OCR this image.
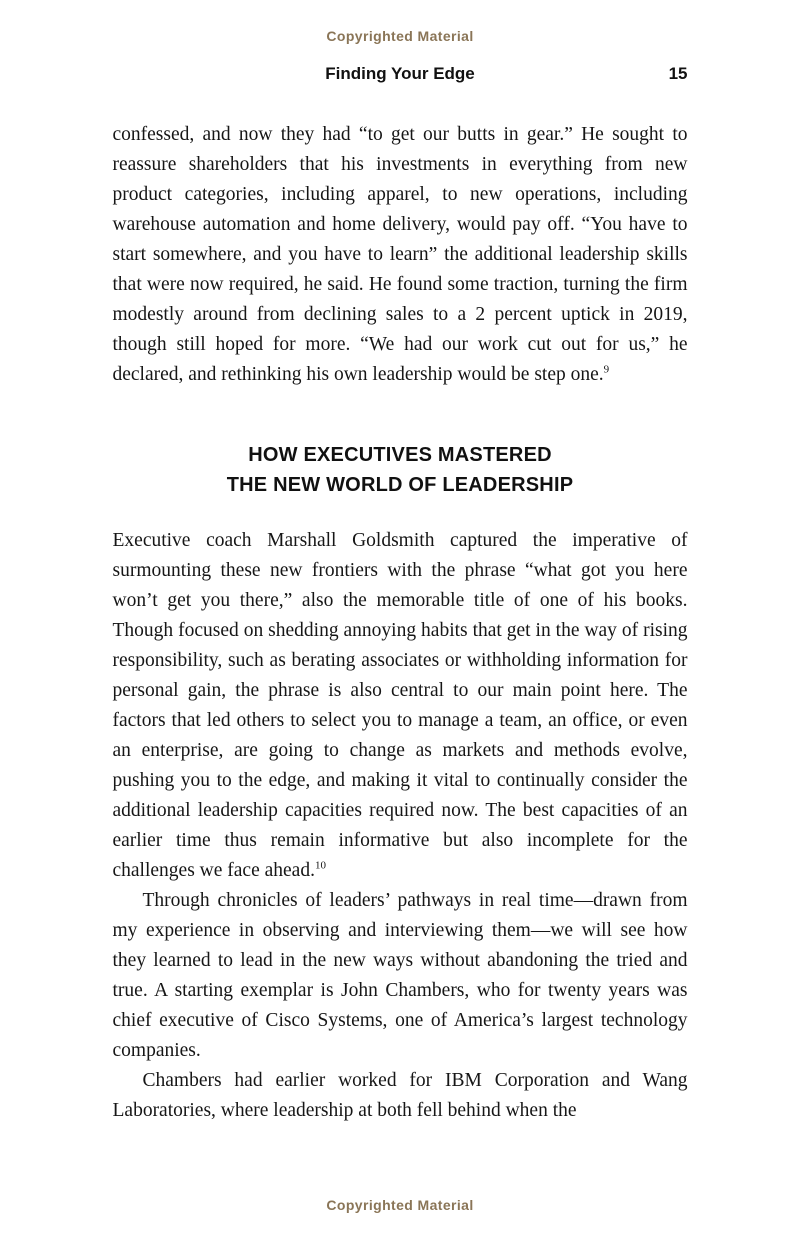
Copyrighted Material
Finding Your Edge	15

confessed, and now they had “to get our butts in gear.” He sought to reassure shareholders that his investments in everything from new product categories, including apparel, to new operations, including warehouse automation and home delivery, would pay off. “You have to start somewhere, and you have to learn” the additional leadership skills that were now required, he said. He found some traction, turning the firm modestly around from declining sales to a 2 percent uptick in 2019, though still hoped for more. “We had our work cut out for us,” he declared, and rethinking his own leadership would be step one.$^9$

HOW EXECUTIVES MASTERED
THE NEW WORLD OF LEADERSHIP

Executive coach Marshall Goldsmith captured the imperative of surmounting these new frontiers with the phrase “what got you here won’t get you there,” also the memorable title of one of his books. Though focused on shedding annoying habits that get in the way of rising responsibility, such as berating associates or withholding information for personal gain, the phrase is also central to our main point here. The factors that led others to select you to manage a team, an office, or even an enterprise, are going to change as markets and methods evolve, pushing you to the edge, and making it vital to continually consider the additional leadership capacities required now. The best capacities of an earlier time thus remain informative but also incomplete for the challenges we face ahead.$^{10}$

Through chronicles of leaders’ pathways in real time—drawn from my experience in observing and interviewing them—we will see how they learned to lead in the new ways without abandoning the tried and true. A starting exemplar is John Chambers, who for twenty years was chief executive of Cisco Systems, one of America’s largest technology companies.

Chambers had earlier worked for IBM Corporation and Wang Laboratories, where leadership at both fell behind when the

Copyrighted Material
